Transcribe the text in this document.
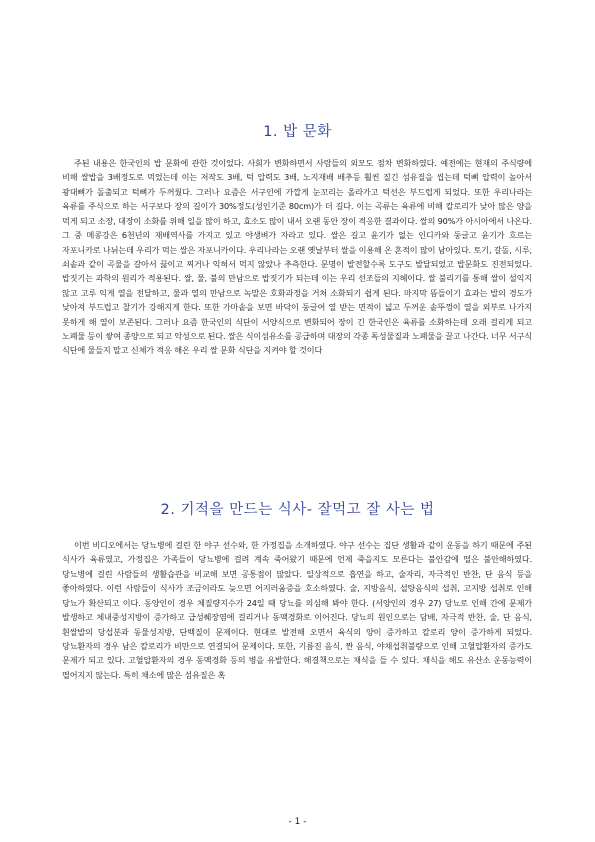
1. 밥 문화

주된 내용은 한국인의 밥 문화에 관한 것이었다. 사회가 변화하면서 사람들의 외모도 점차 변화하였다. 예전에는 현재의 주식량에 비해 쌀밥을 3배정도로 먹었는데 이는 저작도 3배, 턱 압력도 3배, 노지재배 배추등 훨씬 질긴 섬유질을 씹는데 턱뼈 압력이 높아서 광대뼈가 돌출되고 턱뼈가 두꺼웠다. 그러나 요즘은 서구인에 가깝게 눈꼬리는 올라가고 턱선은 부드럽게 되었다. 또한 우리나라는 육류를 주식으로 하는 서구보다 장의 길이가 30%정도(성인기준 80cm)가 더 길다. 이는 곡류는 육류에 비해 칼로리가 낮아 많은 양을 먹게 되고 소장, 대장이 소화를 위해 일을 많이 하고, 효소도 많이 내서 오랜 동안 장이 적응한 결과이다. 쌀의 90%가 아시아에서 나온다. 그 중 메콩강은 6천년의 재배역사를 가지고 있고 야생벼가 자라고 있다. 쌀은 길고 윤기가 없는 인디카와 둥글고 윤기가 흐르는 자포니카로 나뉘는데 우리가 먹는 쌀은 자포니카이다. 우리나라는 오랜 옛날부터 쌀을 이용해 온 흔적이 많이 남아있다. 토기, 갈돌, 시루, 쇠솥과 같이 곡물을 갈아서 끓이고 찌거나 익혀서 먹지 않았나 추측한다. 문명이 발전할수록 도구도 발달되었고 밥문화도 진전되었다. 밥짓기는 과학의 원리가 적용된다. 쌀, 물, 불의 만남으로 밥짓기가 되는데 이는 우리 선조들의 지혜이다. 쌀 불리기를 통해 쌀이 설익지 않고 고루 익게 열을 전달하고, 물과 열의 만남으로 녹말은 호화과정을 거쳐 소화되기 쉽게 된다. 마지막 뜸들이기 효과는 밥의 경도가 낮아져 부드럽고 찰기가 강해지게 한다. 또한 가마솥을 보면 바닥이 둥글어 열 받는 면적이 넓고 두꺼운 솥뚜껑이 열을 외부로 나가지 못하게 해 열이 보존된다. 그러나 요즘 한국인의 식단이 서양식으로 변화되어 장이 긴 한국인은 육류를 소화하는데 오래 걸리게 되고 노폐물 등이 쌓여 종양으로 되고 악성으로 된다. 쌀은 식이섬유소를 공급하며 대장의 각종 독성물질과 노폐물을 끌고 나간다. 너무 서구식 식단에 물들지 말고 신체가 적응 해온 우리 쌀 문화 식단을 지켜야 할 것이다

2. 기적을 만드는 식사- 잘먹고 잘 사는 법

이번 비디오에서는 당뇨병에 걸린 한 야구 선수와, 한 가정집을 소개하였다. 야구 선수는 집단 생활과 같이 운동을 하기 때문에 주된 식사가 육류였고, 가정집은 가족들이 당뇨병에 걸려 계속 죽어왔기 때문에 언제 죽을지도 모른다는 불안감에 떨은 불안해하였다. 당뇨병에 걸린 사람들의 생활습관을 비교해 보면 공통점이 많았다. 일상적으로 흡연을 하고, 술자리, 자극적인 반찬, 단 음식 등을 좋아하였다. 이런 사람들이 식사가 조금이라도 늦으면 어지러움증을 호소하였다. 술, 지방음식, 설탕음식의 섭취, 고지방 섭취로 인해 당뇨가 확산되고 이다. 동양인이 경우 체질량지수가 24일 때 당뇨를 의심해 봐야 한다. (서양인의 경우 27) 당뇨로 인해 간에 문제가 발생하고 체내중성지방이 증가하고 급성췌장염에 걸리거나 동맥경화로 이어진다. 당뇨의 원인으로는 담배, 자극적 반찬, 술, 단 음식, 흰쌀밥의 당섭분과 동물성지방, 단백질이 문제이다. 현대로 발전해 오면서 육식의 양이 증가하고 칼로리 양이 증가하게 되었다. 당뇨환자의 경우 남은 칼로리가 비만으로 연결되어 문제이다. 또한, 기름진 음식, 짠 음식, 야채섭취불량으로 인해 고혈압환자의 증가도 문제가 되고 있다. 고혈압환자의 경우 동맥경화 등의 병을 유발한다. 해결책으로는 채식을 들 수 있다. 채식을 해도 유산소 운동능력이 떨어지지 않는다. 특히 채소에 많은 섬유질은 혹

- 1 -
